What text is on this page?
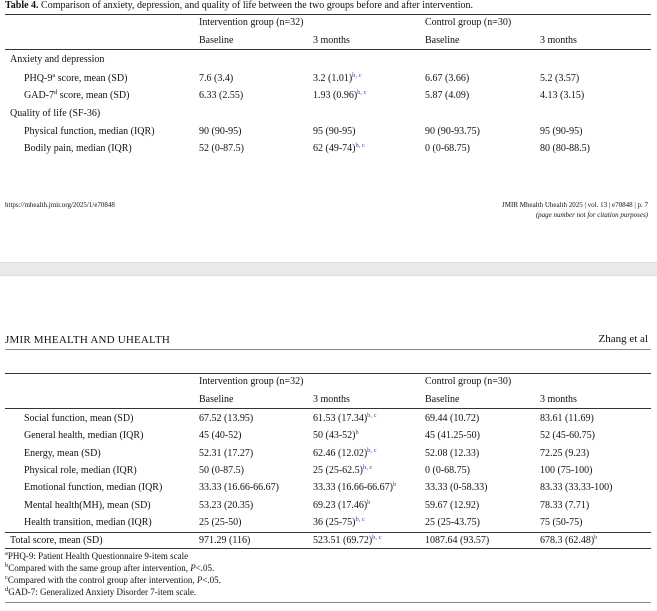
Table 4. Comparison of anxiety, depression, and quality of life between the two groups before and after intervention.
Intervention group (n=32)	Control group (n=30)
Baseline	3 months	Baseline	3 months
Anxiety and depression
PHQ-9$^a$ score, mean (SD)	7.6 (3.4)	3.2 $(1.01)^{b, c}$	6.67 (3.66)	5.2 (3.57)
GAD-7$^d$ score, mean (SD)	6.33 (2.55)	1.93 $(0.96)^{b, c}$	5.87 (4.09)	4.13 (3.15)
Quality of life (SF-36)
Physical function, median (IQR)	90 (90-95)	95 (90-95)	90 (90-93.75)	95 (90-95)
Bodily pain, median (IQR)	52 (0-87.5)	62 $(49-74)^{b, c}$	0 (0-68.75)	80 (80-88.5)
https://mhealth.jmir.org/2025/1/e70848	JMIR Mhealth Uhealth 2025 | vol. 13 | e70848 | p. 7
(page number not for citation purposes)
JMIR MHEALTH AND UHEALTH	Zhang et al
Intervention group (n=32)	Control group (n=30)
Baseline	3 months	Baseline	3 months
Social function, mean (SD)	67.52 (13.95)	61.53 $(17.34)^{b, c}$	69.44 (10.72)	83.61 (11.69)
General health, median (IQR)	45 (40-52)	50 $(43-52)^b$	45 (41.25-50)	52 (45-60.75)
Energy, mean (SD)	52.31 (17.27)	62.46 $(12.02)^{b, c}$	52.08 (12.33)	72.25 (9.23)
Physical role, median (IQR)	50 (0-87.5)	25 $(25-62.5)^{b, c}$	0 (0-68.75)	100 (75-100)
Emotional function, median (IQR)	33.33 (16.66-66.67)	33.33 $(16.66-66.67)^b$	33.33 (0-58.33)	83.33 (33.33-100)
Mental health(MH), mean (SD)	53.23 (20.35)	69.23 $(17.46)^b$	59.67 (12.92)	78.33 (7.71)
Health transition, median (IQR)	25 (25-50)	36 $(25-75)^{b, c}$	25 (25-43.75)	75 (50-75)
Total score, mean (SD)	971.29 (116)	523.51 $(69.72)^{b, c}$	1087.64 (93.57)	678.3 $(62.48)^b$
$^a$PHQ-9: Patient Health Questionnaire 9-item scale
$^b$Compared with the same group after intervention, P<.05.
$^c$Compared with the control group after intervention, P<.05.
$^d$GAD-7: Generalized Anxiety Disorder 7-item scale.
